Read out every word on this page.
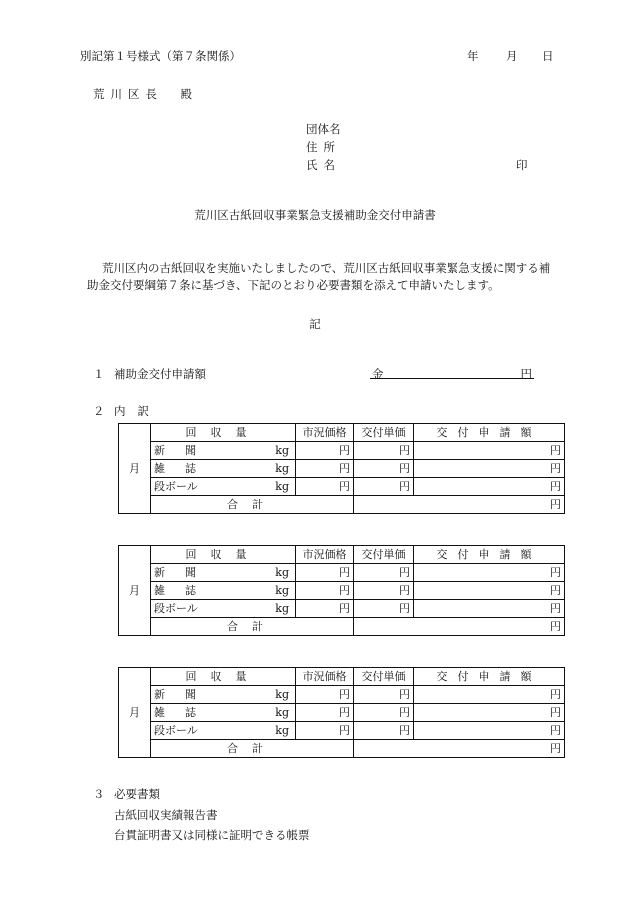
別記第１号様式（第７条関係）	年 月 日
荒川区長　殿
団体名
住所
氏名	印
荒川区古紙回収事業緊急支援補助金交付申請書
荒川区内の古紙回収を実施いたしましたので、荒川区古紙回収事業緊急支援に関する補助金交付要綱第７条に基づき、下記のとおり必要書類を添えて申請いたします。
記
１ 補助金交付申請額	金	円
２ 内訳
月	回収量	市況価格	交付単価	交付申請額
	新聞 kg	円	円	円
	雑誌 kg	円	円	円
	段ボール kg	円	円	円
	合計		円	
月	回収量	市況価格	交付単価	交付申請額
	新聞 kg	円	円	円
	雑誌 kg	円	円	円
	段ボール kg	円	円	円
	合計		円	
月	回収量	市況価格	交付単価	交付申請額
	新聞 kg	円	円	円
	雑誌 kg	円	円	円
	段ボール kg	円	円	円
	合計		円	
３ 必要書類
古紙回収実績報告書
台貫証明書又は同様に証明できる帳票
